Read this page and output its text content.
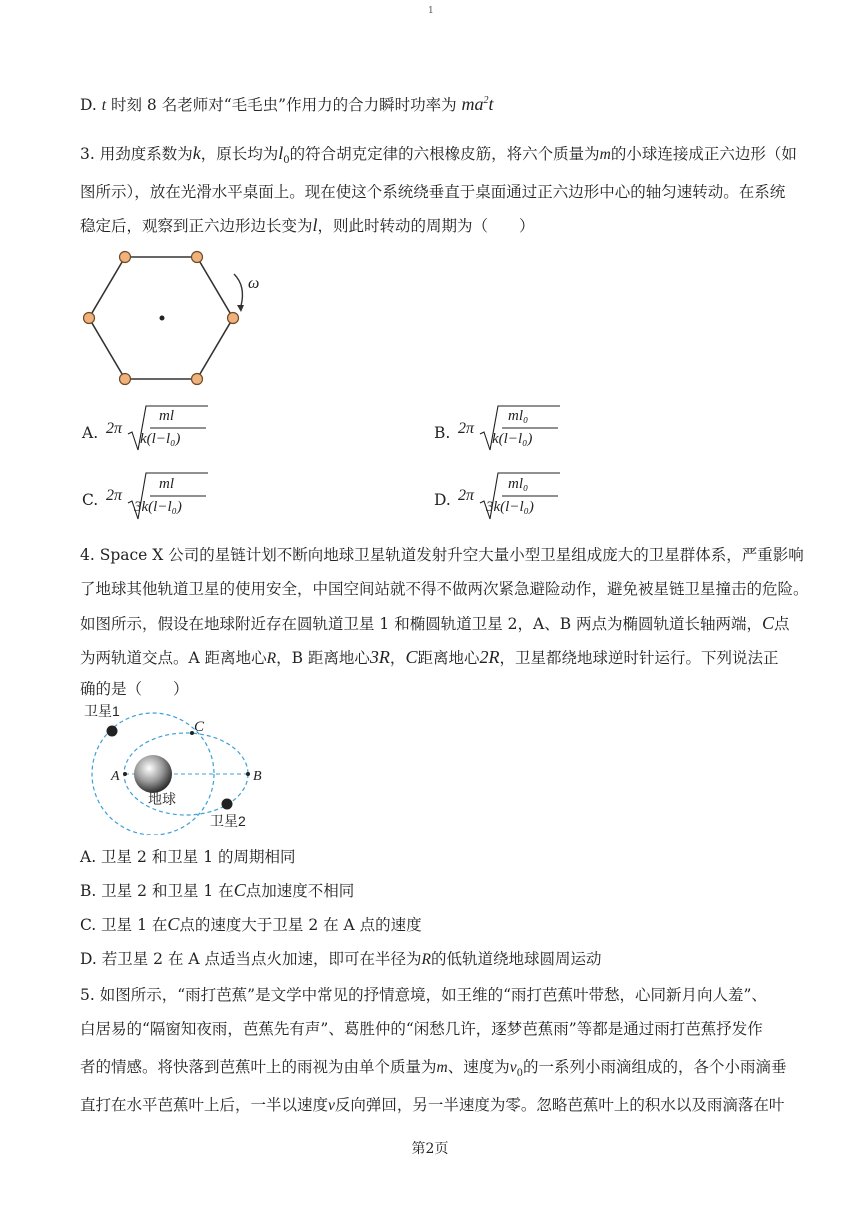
1
D. t 时刻 8 名老师对“毛毛虫”作用力的合力瞬时功率为 $ma^2t$
3. 用劲度系数为k，原长均为$l_0$的符合胡克定律的六根橡皮筋，将六个质量为m的小球连接成正六边形（如
图所示），放在光滑水平桌面上。现在使这个系统绕垂直于桌面通过正六边形中心的轴匀速转动。在系统
稳定后，观察到正六边形边长变为l，则此时转动的周期为（　　）
ω
A. 2π
ml
k(l−l₀)	B. 2π
ml₀
k(l−l₀)
C. 2π
ml
3k(l−l₀)	D. 2π
ml₀
3k(l−l₀)
4. Space X 公司的星链计划不断向地球卫星轨道发射升空大量小型卫星组成庞大的卫星群体系，严重影响
了地球其他轨道卫星的使用安全，中国空间站就不得不做两次紧急避险动作，避免被星链卫星撞击的危险。
如图所示，假设在地球附近存在圆轨道卫星 1 和椭圆轨道卫星 2，A、B 两点为椭圆轨道长轴两端，C点
为两轨道交点。A 距离地心R，B 距离地心3R，C距离地心2R，卫星都绕地球逆时针运行。下列说法正
确的是（　　）
卫星1
C
A	B
地球
卫星2
A. 卫星 2 和卫星 1 的周期相同
B. 卫星 2 和卫星 1 在C点加速度不相同
C. 卫星 1 在C点的速度大于卫星 2 在 A 点的速度
D. 若卫星 2 在 A 点适当点火加速，即可在半径为R的低轨道绕地球圆周运动
5. 如图所示，“雨打芭蕉”是文学中常见的抒情意境，如王维的“雨打芭蕉叶带愁，心同新月向人羞”、
白居易的“隔窗知夜雨，芭蕉先有声”、葛胜仲的“闲愁几许，逐梦芭蕉雨”等都是通过雨打芭蕉抒发作
者的情感。将快落到芭蕉叶上的雨视为由单个质量为m、速度为$v_0$的一系列小雨滴组成的，各个小雨滴垂
直打在水平芭蕉叶上后，一半以速度v反向弹回，另一半速度为零。忽略芭蕉叶上的积水以及雨滴落在叶
第2页
